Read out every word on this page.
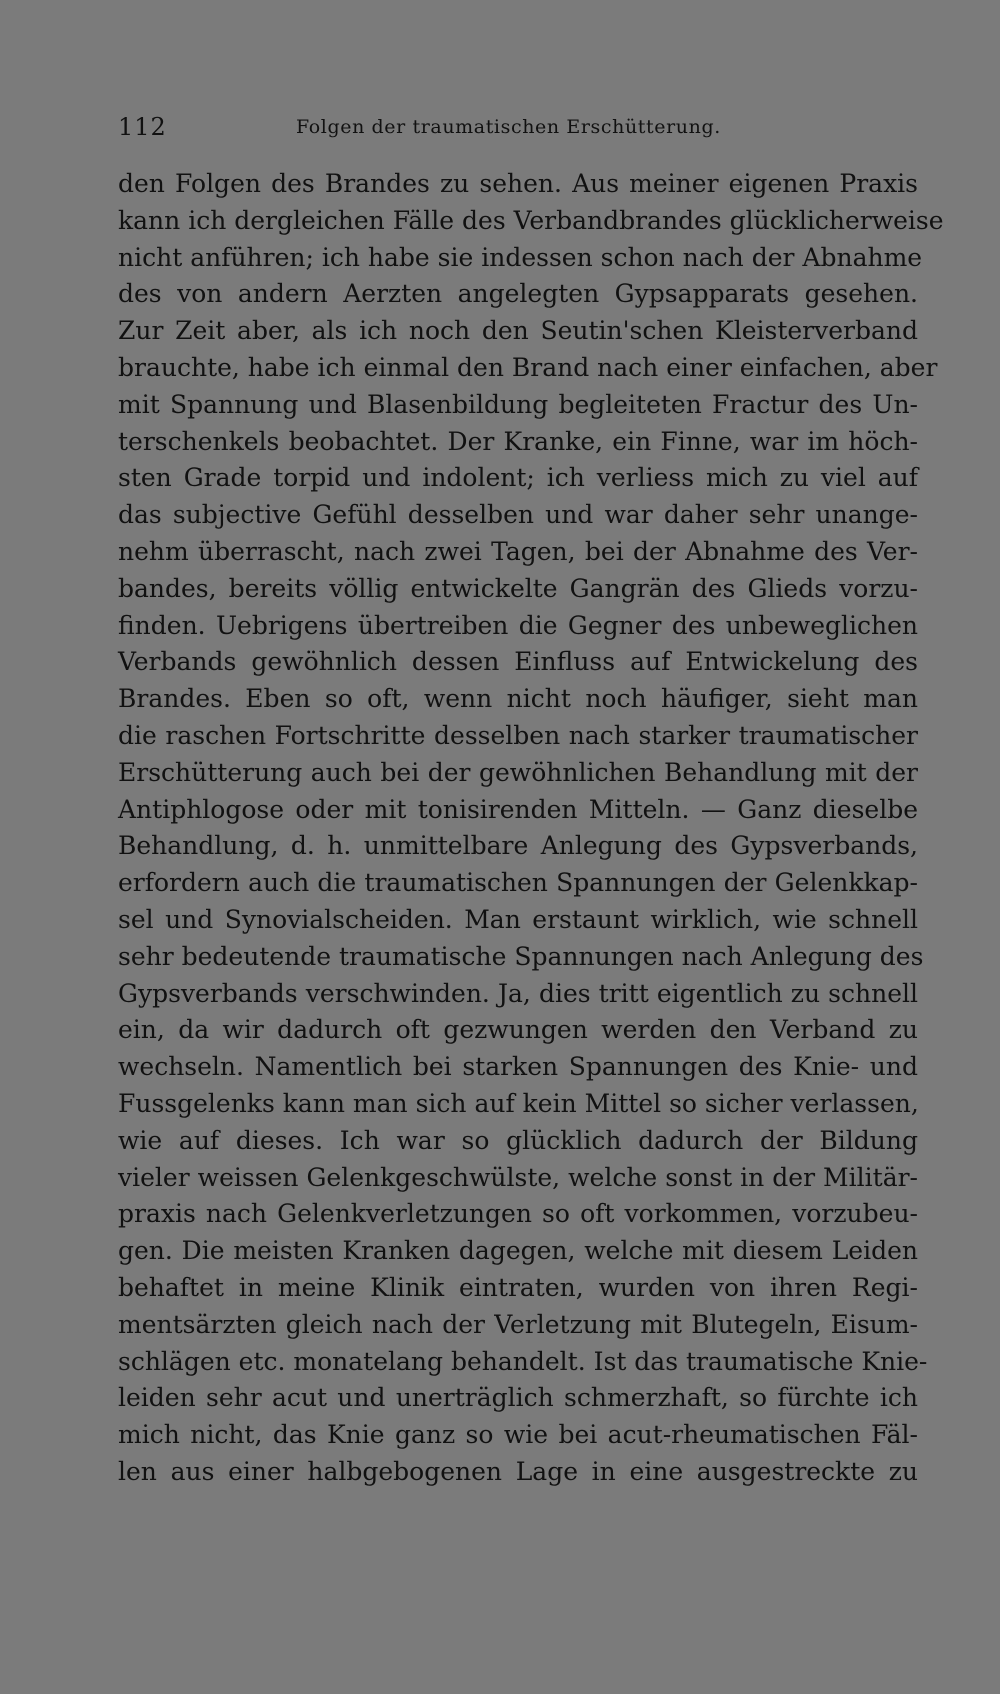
112	Folgen der traumatischen Erschütterung.
den Folgen des Brandes zu sehen. Aus meiner eigenen Praxis
kann ich dergleichen Fälle des Verbandbrandes glücklicherweise
nicht anführen; ich habe sie indessen schon nach der Abnahme
des von andern Aerzten angelegten Gypsapparats gesehen.
Zur Zeit aber, als ich noch den Seutin'schen Kleisterverband
brauchte, habe ich einmal den Brand nach einer einfachen, aber
mit Spannung und Blasenbildung begleiteten Fractur des Un-
terschenkels beobachtet. Der Kranke, ein Finne, war im höch-
sten Grade torpid und indolent; ich verliess mich zu viel auf
das subjective Gefühl desselben und war daher sehr unange-
nehm überrascht, nach zwei Tagen, bei der Abnahme des Ver-
bandes, bereits völlig entwickelte Gangrän des Glieds vorzu-
finden. Uebrigens übertreiben die Gegner des unbeweglichen
Verbands gewöhnlich dessen Einfluss auf Entwickelung des
Brandes. Eben so oft, wenn nicht noch häufiger, sieht man
die raschen Fortschritte desselben nach starker traumatischer
Erschütterung auch bei der gewöhnlichen Behandlung mit der
Antiphlogose oder mit tonisirenden Mitteln. — Ganz dieselbe
Behandlung, d. h. unmittelbare Anlegung des Gypsverbands,
erfordern auch die traumatischen Spannungen der Gelenkkap-
sel und Synovialscheiden. Man erstaunt wirklich, wie schnell
sehr bedeutende traumatische Spannungen nach Anlegung des
Gypsverbands verschwinden. Ja, dies tritt eigentlich zu schnell
ein, da wir dadurch oft gezwungen werden den Verband zu
wechseln. Namentlich bei starken Spannungen des Knie- und
Fussgelenks kann man sich auf kein Mittel so sicher verlassen,
wie auf dieses. Ich war so glücklich dadurch der Bildung
vieler weissen Gelenkgeschwülste, welche sonst in der Militär-
praxis nach Gelenkverletzungen so oft vorkommen, vorzubeu-
gen. Die meisten Kranken dagegen, welche mit diesem Leiden
behaftet in meine Klinik eintraten, wurden von ihren Regi-
mentsärzten gleich nach der Verletzung mit Blutegeln, Eisum-
schlägen etc. monatelang behandelt. Ist das traumatische Knie-
leiden sehr acut und unerträglich schmerzhaft, so fürchte ich
mich nicht, das Knie ganz so wie bei acut-rheumatischen Fäl-
len aus einer halbgebogenen Lage in eine ausgestreckte zu
